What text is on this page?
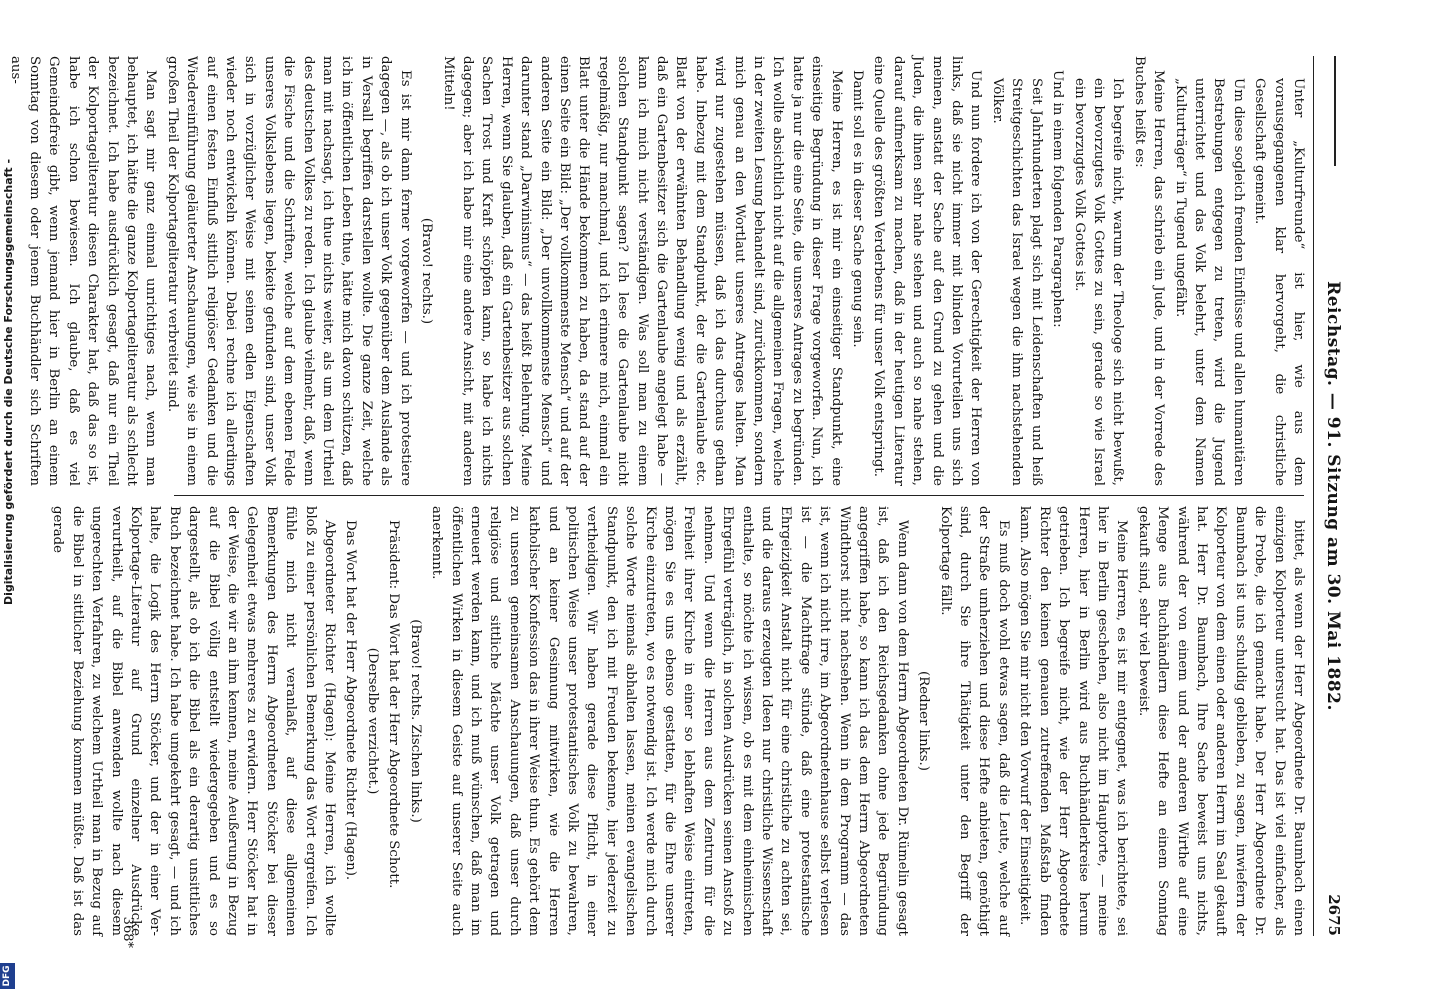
Reichstag. — 91. Sitzung am 30. Mai 1882.
2675

Unter „Kulturfreunde“ ist hier, wie aus dem vorausgegangenen klar hervorgeht, die christliche Gesellschaft gemeint.

Um diese sogleich fremden Einflüsse und allen humanitären Bestrebungen entgegen zu treten, wird die Jugend unterrichtet und das Volk belehrt, unter dem Namen „Kulturträger“ in Tugend ungefähr.

Meine Herren, das schrieb ein Jude, und in der Vorrede des Buches heißt es:

Ich begreife nicht, warum der Theologe sich nicht bewußt, ein bevorzugtes Volk Gottes zu sein, gerade so wie Israel ein bevorzugtes Volk Gottes ist.

Und in einem folgenden Paragraphen:

Seit Jahrhunderten plagt sich mit Leidenschaften und heiß Streitgeschichten das Israel wegen die ihm nachstehenden Völker.

Und nun fordere ich von der Gerechtigkeit der Herren von links, daß sie nicht immer mit blinden Vorurteilen uns sich meinen, anstatt der Sache auf den Grund zu gehen und die Juden, die ihnen sehr nahe stehen und auch so nahe stehen, darauf aufmerksam zu machen, daß in der heutigen Literatur eine Quelle des größten Verderbens für unser Volk entspringt.

Damit soll es in dieser Sache genug sein.

Meine Herren, es ist mir ein einseitiger Standpunkt, eine einseitige Begründung in dieser Frage vorgeworfen. Nun, ich hatte ja nur die eine Seite, die unseres Antrages zu begründen. Ich wollte absichtlich nicht auf die allgemeinen Fragen, welche in der zweiten Lesung behandelt sind, zurückkommen, sondern mich genau an den Wortlaut unseres Antrages halten. Man wird nur zugestehen müssen, daß ich das durchaus gethan habe. Inbezug mit dem Standpunkt, der die Gartenlaube etc. Blatt von der erwähnten Behandlung wenig und als erzählt, daß ein Gartenbesitzer sich die Gartenlaube angelegt habe — kann ich mich nicht verständigen. Was soll man zu einem solchen Standpunkt sagen? Ich lese die Gartenlaube nicht regelmäßig, nur manchmal, und ich erinnere mich, einmal ein Blatt unter die Hände bekommen zu haben, da stand auf der einen Seite ein Bild: „Der vollkommenste Mensch“ und auf der anderen Seite ein Bild: „Der unvollkommenste Mensch“ und darunter stand „Darwinismus“ — das heißt Belehrung. Meine Herren, wenn Sie glauben, daß ein Gartenbesitzer aus solchen Sachen Trost und Kraft schöpfen kann, so habe ich nichts dagegen; aber ich habe mir eine andere Ansicht, mit anderen Mitteln!

(Bravo! rechts.)

Es ist mir dann ferner vorgeworfen — und ich protestiere dagegen —, als ob ich unser Volk gegenüber dem Auslande als in Versall begriffen darstellen wollte. Die ganze Zeit, welche ich im öffentlichen Leben thue, hätte mich davon schützen, daß man mit nachsagt, ich thue nichts weiter, als um dem Urtheil des deutschen Volkes zu reden. Ich glaube vielmehr, daß, wenn die Fische und die Schriften, welche auf dem ebenen Felde unseres Volkslebens liegen, bekeite gefunden sind, unser Volk sich in vorzüglicher Weise mit seinen edlen Eigenschaften wieder noch entwickeln können. Dabei rechne ich allerdings auf einen festen Einfluß sittlich religiöser Gedanken und die Wiedereinführung geläuterter Anschauungen, wie sie in einem großen Theil der Kolportageliteratur verbreitet sind.

Man sagt mir ganz einmal unrichtiges nach, wenn man behauptet, ich hätte die ganze Kolportageliteratur als schlecht bezeichnet. Ich habe ausdrücklich gesagt, daß nur ein Theil der Kolportageliteratur diesen Charakter hat, daß das so ist, habe ich schon bewiesen. Ich glaube, daß es viel Gemeindefreie gibt, wenn jemand hier in Berlin an einem Sonntag von diesem oder jenem Buchhändler sich Schriften aus-

bittet, als wenn der Herr Abgeordnete Dr. Baumbach einen einzigen Kolporteur untersucht hat. Das ist viel einfacher, als die Probe, die ich gemacht habe. Der Herr Abgeordnete Dr. Baumbach ist uns schuldig geblieben, zu sagen, inwiefern der Kolporteur von dem einen oder anderen Herrn im Saal gekauft hat. Herr Dr. Baumbach, Ihre Sache beweist uns nichts, während der von einem und der anderen Wirthe auf eine Menge aus Buchhändlern diese Hefte an einem Sonntag gekauft sind, sehr viel beweist.

Meine Herren, es ist mir entgegnet, was ich berichtete, sei hier in Berlin geschehen, also nicht im Hauptorte, — meine Herren, hier in Berlin wird aus Buchhändlerkreise herum getrieben. Ich begreife nicht, wie der Herr Abgeordnete Richter den keinen genauen zutreffenden Maßstab finden kann. Also mögen Sie mir nicht den Vorwurf der Einseitigkeit.

Es muß doch wohl etwas sagen, daß die Leute, welche auf der Straße umherziehen und diese Hefte anbieten, genöthigt sind, durch Sie ihre Thätigkeit unter den Begriff der Kolportage fällt.

(Redner links.)

Wenn dann von dem Herrn Abgeordneten Dr. Rümelin gesagt ist, daß ich den Reichsgedanken ohne jede Begründung angegriffen habe, so kann ich das dem Herrn Abgeordneten Windthorst nicht nachsehen. Wenn in dem Programm — das ist, wenn ich nicht irre, im Abgeordnetenhause selbst verlesen ist — die Machtfrage stünde, daß eine protestantische Ehrgeizigkeit Anstalt nicht für eine christliche zu achten sei, und die daraus erzeugten Ideen nur christliche Wissenschaft enthalte, so möchte ich wissen, ob es mit dem einheimischen Ehrgefühl verträglich, in solchen Ausdrücken seinen Anstoß zu nehmen. Und wenn die Herren aus dem Zentrum für die Freiheit ihrer Kirche in einer so lebhaften Weise eintreten, mögen Sie es uns ebenso gestatten, für die Ehre unserer Kirche einzutreten, wo es notwendig ist. Ich werde mich durch solche Worte niemals abhalten lassen, meinen evangelischen Standpunkt, den ich mit Freuden bekenne, hier jederzeit zu vertheidigen. Wir haben gerade diese Pflicht, in einer politischen Weise unser protestantisches Volk zu bewahren, und an keiner Gesinnung mitwirken, wie die Herren katholischer Konfession das in ihrer Weise thun. Es gehört dem zu unseren gemeinsamen Anschauungen, daß unser durch religiöse und sittliche Mächte unser Volk getragen und erneuert werden kann, und ich muß wünschen, daß man im öffentlichen Wirken in diesem Geiste auf unserer Seite auch anerkennt.

(Bravo! rechts. Zischen links.)

Präsident: Das Wort hat der Herr Abgeordnete Schott.

(Derselbe verzichtet.)

Das Wort hat der Herr Abgeordnete Richter (Hagen).

Abgeordneter Richter (Hagen): Meine Herren, ich wollte bloß zu einer persönlichen Bemerkung das Wort ergreifen. Ich fühle mich nicht veranlaßt, auf diese allgemeinen Bemerkungen des Herrn Abgeordneten Stöcker bei dieser Gelegenheit etwas mehreres zu erwidern. Herr Stöcker hat in der Weise, die wir an ihm kennen, meine Aeußerung in Bezug auf die Bibel völlig entstellt wiedergegeben und es so dargestellt, als ob ich die Bibel als ein derartig unsittliches Buch bezeichnet habe. Ich habe umgekehrt gesagt, — und ich halte, die Logik des Herrn Stöcker, und der in einer Ver-Kolportage-Literatur auf Grund einzelner Ausdrücke verurtheilt, auf die Bibel anwenden wollte nach diesem ungerechten Verfahren, zu welchem Urtheil man in Bezug auf die Bibel in sittlicher Beziehung kommen müßte. Daß ist das gerade

368*
Digitalisierung gefördert durch die Deutsche Forschungsgemeinschaft -
DFG
